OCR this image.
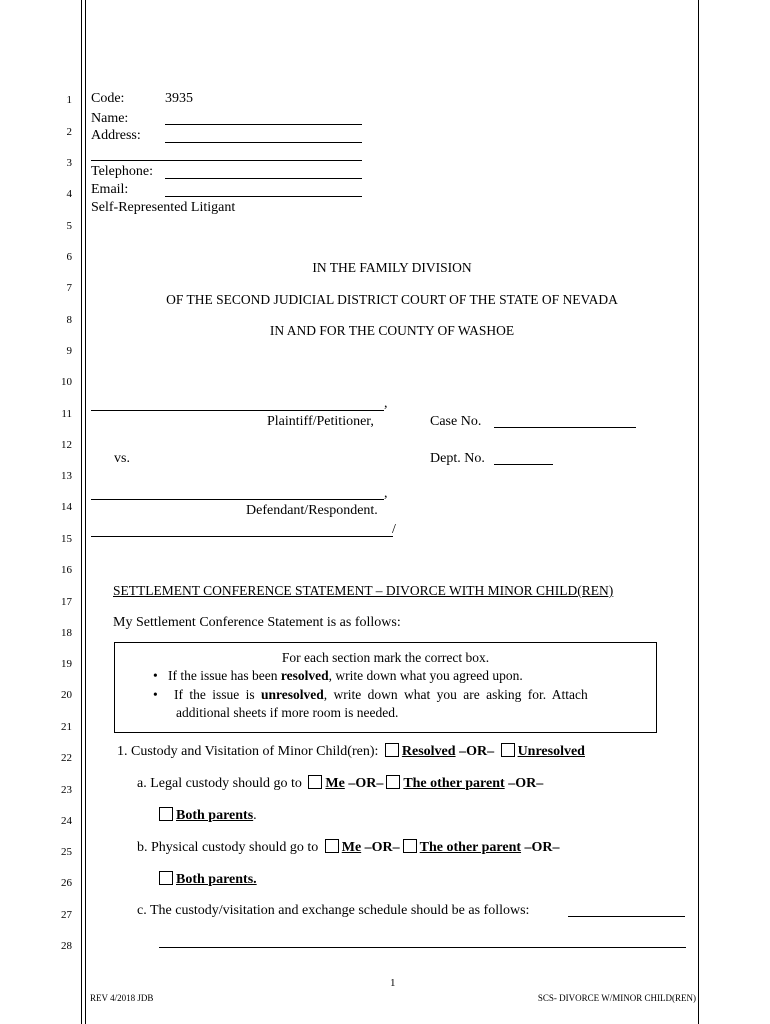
1
2
3
4
5
6
7
8
9
10
11
12
13
14
15
16
17
18
19
20
21
22
23
24
25
26
27
28
Code:	3935
Name:
Address:
Telephone:
Email:
Self-Represented Litigant
IN THE FAMILY DIVISION
OF THE SECOND JUDICIAL DISTRICT COURT OF THE STATE OF NEVADA
IN AND FOR THE COUNTY OF WASHOE
,
Plaintiff/Petitioner,	Case No.
vs.	Dept. No.
,
Defendant/Respondent.
/
SETTLEMENT CONFERENCE STATEMENT – DIVORCE WITH MINOR CHILD(REN)
My Settlement Conference Statement is as follows:
For each section mark the correct box.
• If the issue has been resolved, write down what you agreed upon.
• If the issue is unresolved, write down what you are asking for. Attach
additional sheets if more room is needed.
1. Custody and Visitation of Minor Child(ren): Resolved –OR– Unresolved
a. Legal custody should go to Me –OR– The other parent –OR–
Both parents.
b. Physical custody should go to Me –OR– The other parent –OR–
Both parents.
c. The custody/visitation and exchange schedule should be as follows:
1
REV 4/2018 JDB	SCS- DIVORCE W/MINOR CHILD(REN)
